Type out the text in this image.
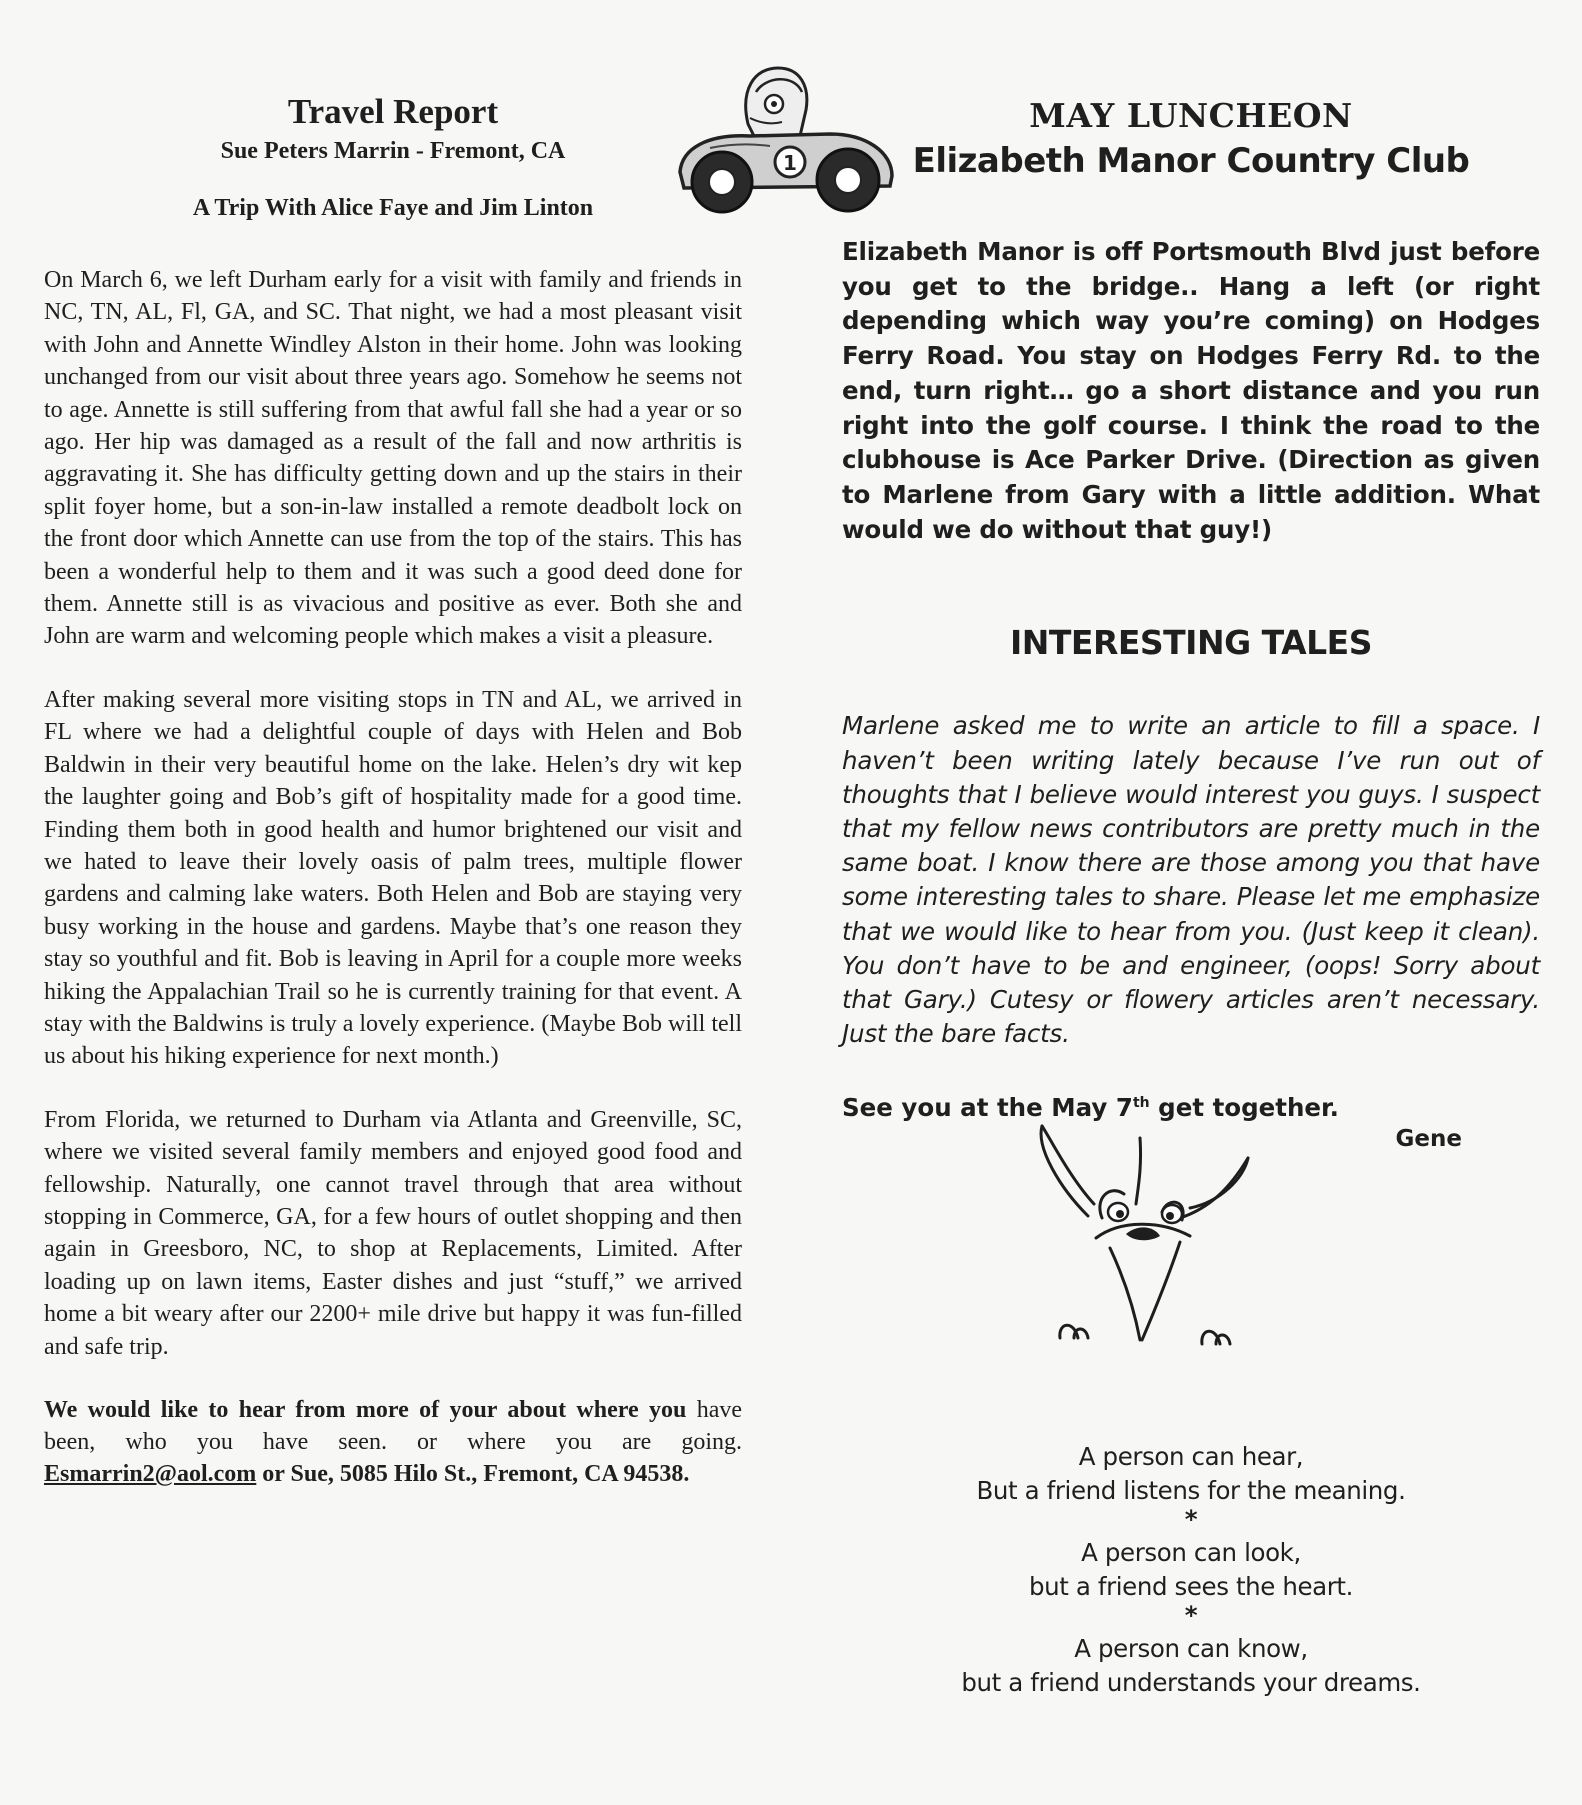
Travel Report

Sue Peters Marrin - Fremont, CA

A Trip With Alice Faye and Jim Linton

On March 6, we left Durham early for a visit with family and friends in NC, TN, AL, Fl, GA, and SC. That night, we had a most pleasant visit with John and Annette Windley Alston in their home. John was looking unchanged from our visit about three years ago. Somehow he seems not to age. Annette is still suffering from that awful fall she had a year or so ago. Her hip was damaged as a result of the fall and now arthritis is aggravating it. She has difficulty getting down and up the stairs in their split foyer home, but a son-in-law installed a remote deadbolt lock on the front door which Annette can use from the top of the stairs. This has been a wonderful help to them and it was such a good deed done for them. Annette still is as vivacious and positive as ever. Both she and John are warm and welcoming people which makes a visit a pleasure.

After making several more visiting stops in TN and AL, we arrived in FL where we had a delightful couple of days with Helen and Bob Baldwin in their very beautiful home on the lake. Helen’s dry wit kep the laughter going and Bob’s gift of hospitality made for a good time. Finding them both in good health and humor brightened our visit and we hated to leave their lovely oasis of palm trees, multiple flower gardens and calming lake waters. Both Helen and Bob are staying very busy working in the house and gardens. Maybe that’s one reason they stay so youthful and fit. Bob is leaving in April for a couple more weeks hiking the Appalachian Trail so he is currently training for that event. A stay with the Baldwins is truly a lovely experience. (Maybe Bob will tell us about his hiking experience for next month.)

From Florida, we returned to Durham via Atlanta and Greenville, SC, where we visited several family members and enjoyed good food and fellowship. Naturally, one cannot travel through that area without stopping in Commerce, GA, for a few hours of outlet shopping and then again in Greesboro, NC, to shop at Replacements, Limited. After loading up on lawn items, Easter dishes and just “stuff,” we arrived home a bit weary after our 2200+ mile drive but happy it was fun-filled and safe trip.

We would like to hear from more of your about where you have been, who you have seen. or where you are going. Esmarrin2@aol.com or Sue, 5085 Hilo St., Fremont, CA 94538.

1
MAY LUNCHEON

Elizabeth Manor Country Club

Elizabeth Manor is off Portsmouth Blvd just before you get to the bridge.. Hang a left (or right depending which way you’re coming) on Hodges Ferry Road. You stay on Hodges Ferry Rd. to the end, turn right… go a short distance and you run right into the golf course. I think the road to the clubhouse is Ace Parker Drive. (Direction as given to Marlene from Gary with a little addition. What would we do without that guy!)

INTERESTING TALES

Marlene asked me to write an article to fill a space. I haven’t been writing lately because I’ve run out of thoughts that I believe would interest you guys. I suspect that my fellow news contributors are pretty much in the same boat. I know there are those among you that have some interesting tales to share. Please let me emphasize that we would like to hear from you. (Just keep it clean). You don’t have to be and engineer, (oops! Sorry about that Gary.) Cutesy or flowery articles aren’t necessary. Just the bare facts.

See you at the May 7th get together.

Gene

A person can hear,

But a friend listens for the meaning.

*

A person can look,

but a friend sees the heart.

*

A person can know,

but a friend understands your dreams.
